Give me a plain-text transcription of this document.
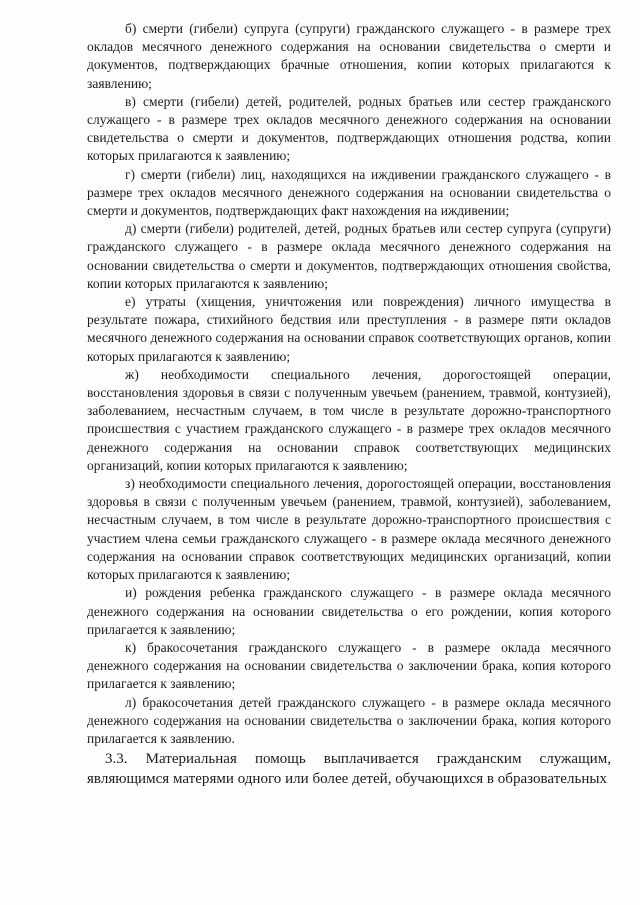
б) смерти (гибели) супруга (супруги) гражданского служащего - в размере трех окладов месячного денежного содержания на основании свидетельства о смерти и документов, подтверждающих брачные отношения, копии которых прилагаются к заявлению;

в) смерти (гибели) детей, родителей, родных братьев или сестер гражданского служащего - в размере трех окладов месячного денежного содержания на основании свидетельства о смерти и документов, подтверждающих отношения родства, копии которых прилагаются к заявлению;

г) смерти (гибели) лиц, находящихся на иждивении гражданского служащего - в размере трех окладов месячного денежного содержания на основании свидетельства о смерти и документов, подтверждающих факт нахождения на иждивении;

д) смерти (гибели) родителей, детей, родных братьев или сестер супруга (супруги) гражданского служащего - в размере оклада месячного денежного содержания на основании свидетельства о смерти и документов, подтверждающих отношения свойства, копии которых прилагаются к заявлению;

е) утраты (хищения, уничтожения или повреждения) личного имущества в результате пожара, стихийного бедствия или преступления - в размере пяти окладов месячного денежного содержания на основании справок соответствующих органов, копии которых прилагаются к заявлению;

ж) необходимости специального лечения, дорогостоящей операции, восстановления здоровья в связи с полученным увечьем (ранением, травмой, контузией), заболеванием, несчастным случаем, в том числе в результате дорожно-транспортного происшествия с участием гражданского служащего - в размере трех окладов месячного денежного содержания на основании справок соответствующих медицинских организаций, копии которых прилагаются к заявлению;

з) необходимости специального лечения, дорогостоящей операции, восстановления здоровья в связи с полученным увечьем (ранением, травмой, контузией), заболеванием, несчастным случаем, в том числе в результате дорожно-транспортного происшествия с участием члена семьи гражданского служащего - в размере оклада месячного денежного содержания на основании справок соответствующих медицинских организаций, копии которых прилагаются к заявлению;

и) рождения ребенка гражданского служащего - в размере оклада месячного денежного содержания на основании свидетельства о его рождении, копия которого прилагается к заявлению;

к) бракосочетания гражданского служащего - в размере оклада месячного денежного содержания на основании свидетельства о заключении брака, копия которого прилагается к заявлению;

л) бракосочетания детей гражданского служащего - в размере оклада месячного денежного содержания на основании свидетельства о заключении брака, копия которого прилагается к заявлению.

3.3. Материальная помощь выплачивается гражданским служащим, являющимся матерями одного или более детей, обучающихся в образовательных
